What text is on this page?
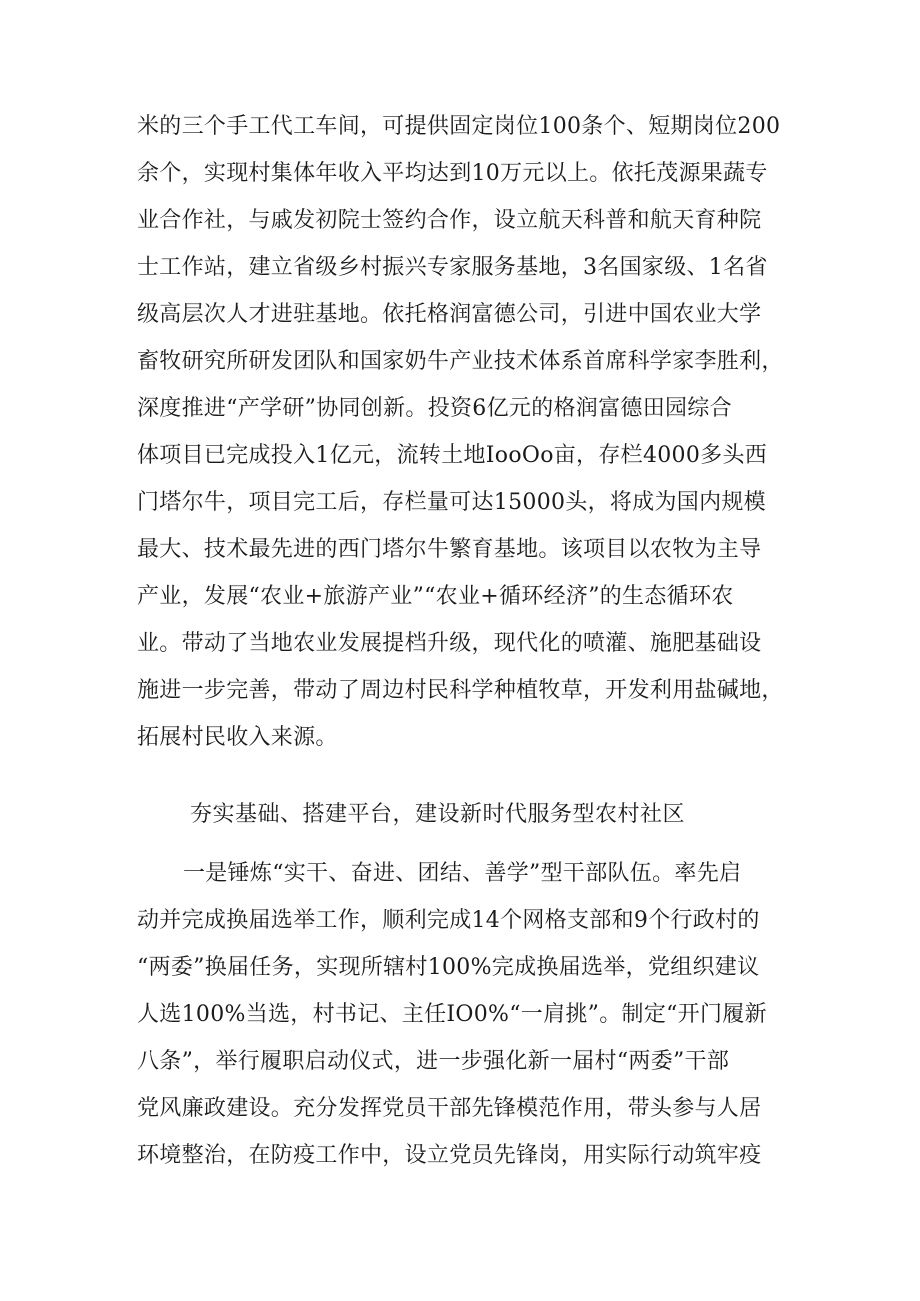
米的三个手工代工车间，可提供固定岗位100条个、短期岗位200
余个，实现村集体年收入平均达到10万元以上。依托茂源果蔬专
业合作社，与戚发初院士签约合作，设立航天科普和航天育种院
士工作站，建立省级乡村振兴专家服务基地，3名国家级、1名省
级高层次人才进驻基地。依托格润富德公司，引进中国农业大学
畜牧研究所研发团队和国家奶牛产业技术体系首席科学家李胜利，
深度推进“产学研”协同创新。投资6亿元的格润富德田园综合
体项目已完成投入1亿元，流转土地IooOo亩，存栏4000多头西
门塔尔牛，项目完工后，存栏量可达15000头，将成为国内规模
最大、技术最先进的西门塔尔牛繁育基地。该项目以农牧为主导
产业，发展“农业+旅游产业”“农业+循环经济”的生态循环农
业。带动了当地农业发展提档升级，现代化的喷灌、施肥基础设
施进一步完善，带动了周边村民科学种植牧草，开发利用盐碱地，
拓展村民收入来源。
夯实基础、搭建平台，建设新时代服务型农村社区
一是锤炼“实干、奋进、团结、善学”型干部队伍。率先启
动并完成换届选举工作，顺利完成14个网格支部和9个行政村的
“两委”换届任务，实现所辖村100%完成换届选举，党组织建议
人选100%当选，村书记、主任IO0%“一肩挑”。制定“开门履新
八条”，举行履职启动仪式，进一步强化新一届村“两委”干部
党风廉政建设。充分发挥党员干部先锋模范作用，带头参与人居
环境整治，在防疫工作中，设立党员先锋岗，用实际行动筑牢疫
